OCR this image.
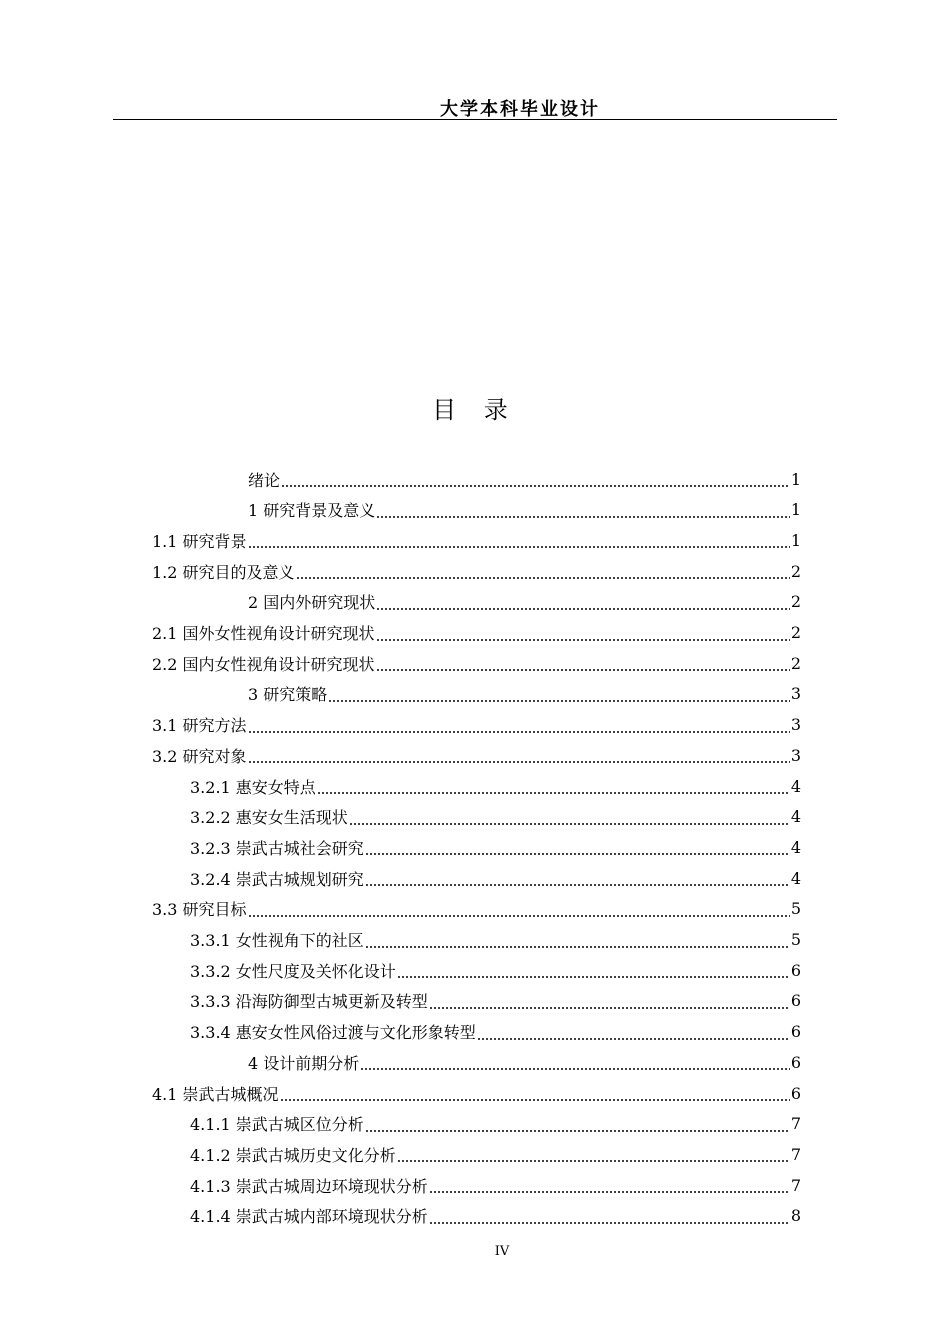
大学本科毕业设计
目 录
绪论	1
1 研究背景及意义	1
1.1 研究背景	1
1.2 研究目的及意义	2
2 国内外研究现状	2
2.1 国外女性视角设计研究现状	2
2.2 国内女性视角设计研究现状	2
3 研究策略	3
3.1 研究方法	3
3.2 研究对象	3
3.2.1 惠安女特点	4
3.2.2 惠安女生活现状	4
3.2.3 崇武古城社会研究	4
3.2.4 崇武古城规划研究	4
3.3 研究目标	5
3.3.1 女性视角下的社区	5
3.3.2 女性尺度及关怀化设计	6
3.3.3 沿海防御型古城更新及转型	6
3.3.4 惠安女性风俗过渡与文化形象转型	6
4 设计前期分析	6
4.1 崇武古城概况	6
4.1.1 崇武古城区位分析	7
4.1.2 崇武古城历史文化分析	7
4.1.3 崇武古城周边环境现状分析	7
4.1.4 崇武古城内部环境现状分析	8
IV
